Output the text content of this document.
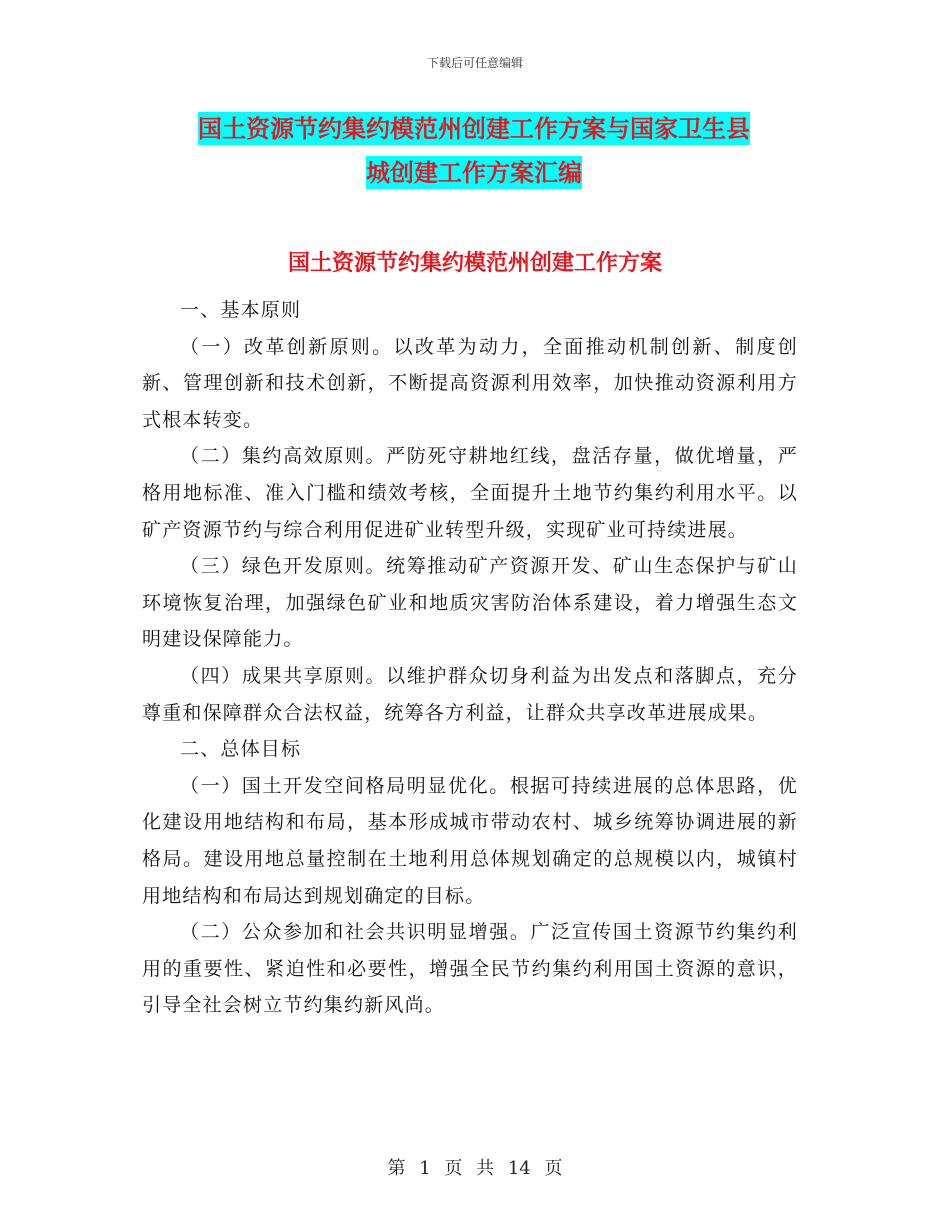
下载后可任意编辑
国土资源节约集约模范州创建工作方案与国家卫生县
城创建工作方案汇编
国土资源节约集约模范州创建工作方案

一、基本原则

（一）改革创新原则。以改革为动力，全面推动机制创新、制度创新、管理创新和技术创新，不断提高资源利用效率，加快推动资源利用方式根本转变。

（二）集约高效原则。严防死守耕地红线，盘活存量，做优增量，严格用地标准、准入门槛和绩效考核，全面提升土地节约集约利用水平。以矿产资源节约与综合利用促进矿业转型升级，实现矿业可持续进展。

（三）绿色开发原则。统筹推动矿产资源开发、矿山生态保护与矿山环境恢复治理，加强绿色矿业和地质灾害防治体系建设，着力增强生态文明建设保障能力。

（四）成果共享原则。以维护群众切身利益为出发点和落脚点，充分尊重和保障群众合法权益，统筹各方利益，让群众共享改革进展成果。

二、总体目标

（一）国土开发空间格局明显优化。根据可持续进展的总体思路，优化建设用地结构和布局，基本形成城市带动农村、城乡统筹协调进展的新格局。建设用地总量控制在土地利用总体规划确定的总规模以内，城镇村用地结构和布局达到规划确定的目标。

（二）公众参加和社会共识明显增强。广泛宣传国土资源节约集约利用的重要性、紧迫性和必要性，增强全民节约集约利用国土资源的意识，引导全社会树立节约集约新风尚。

第 1 页 共 14 页
